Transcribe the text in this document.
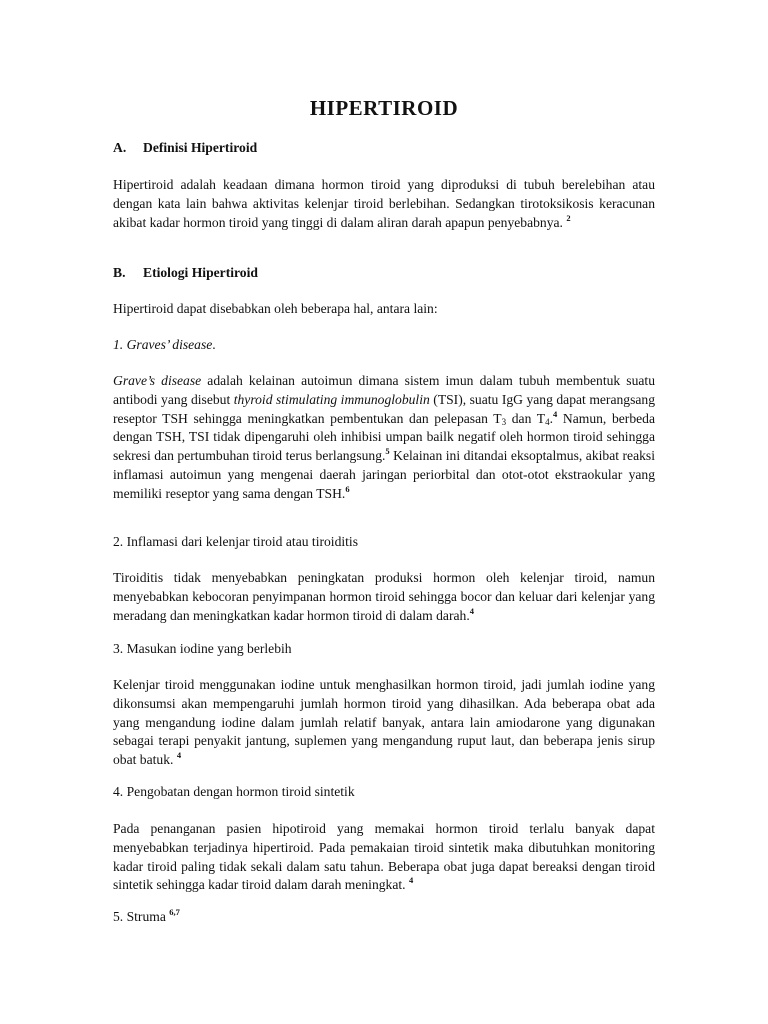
HIPERTIROID

A. Definisi Hipertiroid

Hipertiroid adalah keadaan dimana hormon tiroid yang diproduksi di tubuh berelebihan atau dengan kata lain bahwa aktivitas kelenjar tiroid berlebihan. Sedangkan tirotoksikosis keracunan akibat kadar hormon tiroid yang tinggi di dalam aliran darah apapun penyebabnya. $^2$

B. Etiologi Hipertiroid

Hipertiroid dapat disebabkan oleh beberapa hal, antara lain:

1. Graves’ disease.

Grave’s disease adalah kelainan autoimun dimana sistem imun dalam tubuh membentuk suatu antibodi yang disebut thyroid stimulating immunoglobulin (TSI), suatu IgG yang dapat merangsang reseptor TSH sehingga meningkatkan pembentukan dan pelepasan $T_3$ dan $T_4.^4$ Namun, berbeda dengan TSH, TSI tidak dipengaruhi oleh inhibisi umpan bailk negatif oleh hormon tiroid sehingga sekresi dan pertumbuhan tiroid terus berlangsung.$^5$ Kelainan ini ditandai eksoptalmus, akibat reaksi inflamasi autoimun yang mengenai daerah jaringan periorbital dan otot-otot ekstraokular yang memiliki reseptor yang sama dengan TSH.$^6$

2. Inflamasi dari kelenjar tiroid atau tiroiditis

Tiroiditis tidak menyebabkan peningkatan produksi hormon oleh kelenjar tiroid, namun menyebabkan kebocoran penyimpanan hormon tiroid sehingga bocor dan keluar dari kelenjar yang meradang dan meningkatkan kadar hormon tiroid di dalam darah.$^4$

3. Masukan iodine yang berlebih

Kelenjar tiroid menggunakan iodine untuk menghasilkan hormon tiroid, jadi jumlah iodine yang dikonsumsi akan mempengaruhi jumlah hormon tiroid yang dihasilkan. Ada beberapa obat ada yang mengandung iodine dalam jumlah relatif banyak, antara lain amiodarone yang digunakan sebagai terapi penyakit jantung, suplemen yang mengandung ruput laut, dan beberapa jenis sirup obat batuk. $^4$

4. Pengobatan dengan hormon tiroid sintetik

Pada penanganan pasien hipotiroid yang memakai hormon tiroid terlalu banyak dapat menyebabkan terjadinya hipertiroid. Pada pemakaian tiroid sintetik maka dibutuhkan monitoring kadar tiroid paling tidak sekali dalam satu tahun. Beberapa obat juga dapat bereaksi dengan tiroid sintetik sehingga kadar tiroid dalam darah meningkat. $^4$

5. Struma $^{6,7}$
